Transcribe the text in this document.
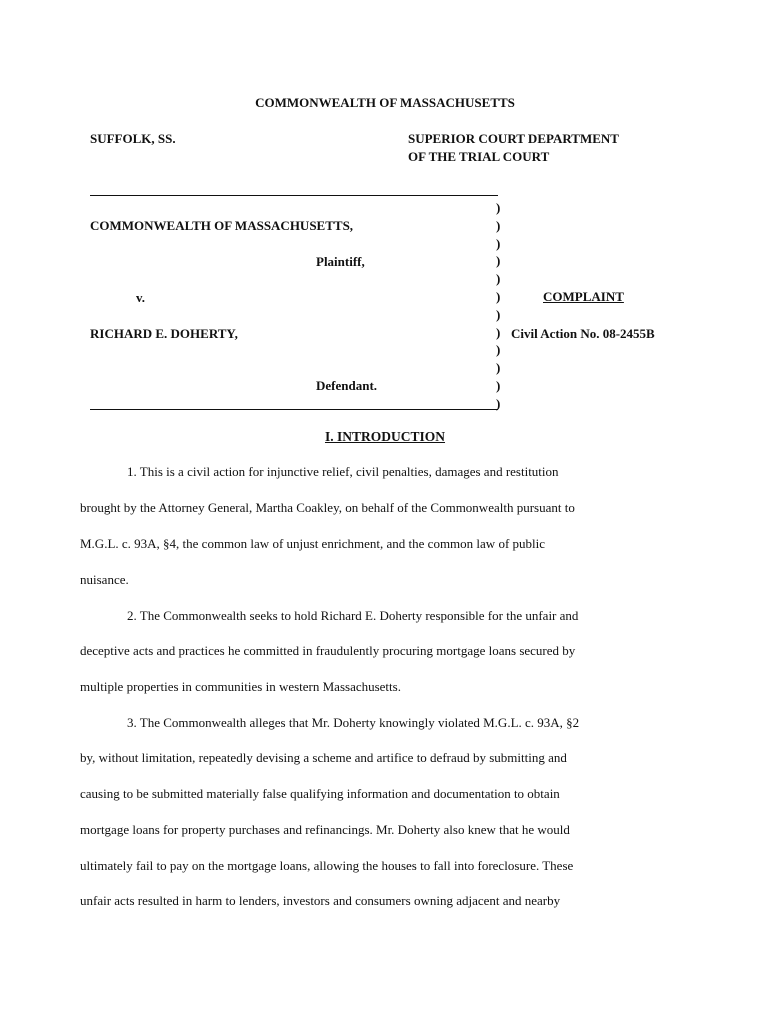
COMMONWEALTH OF MASSACHUSETTS
SUFFOLK, SS.	SUPERIOR COURT DEPARTMENT
OF THE TRIAL COURT
)
)
)
)
)
)
)
)
)
)
)
)
COMMONWEALTH OF MASSACHUSETTS,
Plaintiff,
v.	COMPLAINT
RICHARD E. DOHERTY,	Civil Action No. 08-2455B
Defendant.
I. INTRODUCTION
1. This is a civil action for injunctive relief, civil penalties, damages and restitution
brought by the Attorney General, Martha Coakley, on behalf of the Commonwealth pursuant to
M.G.L. c. 93A, §4, the common law of unjust enrichment, and the common law of public
nuisance.
2. The Commonwealth seeks to hold Richard E. Doherty responsible for the unfair and
deceptive acts and practices he committed in fraudulently procuring mortgage loans secured by
multiple properties in communities in western Massachusetts.
3. The Commonwealth alleges that Mr. Doherty knowingly violated M.G.L. c. 93A, §2
by, without limitation, repeatedly devising a scheme and artifice to defraud by submitting and
causing to be submitted materially false qualifying information and documentation to obtain
mortgage loans for property purchases and refinancings. Mr. Doherty also knew that he would
ultimately fail to pay on the mortgage loans, allowing the houses to fall into foreclosure. These
unfair acts resulted in harm to lenders, investors and consumers owning adjacent and nearby
